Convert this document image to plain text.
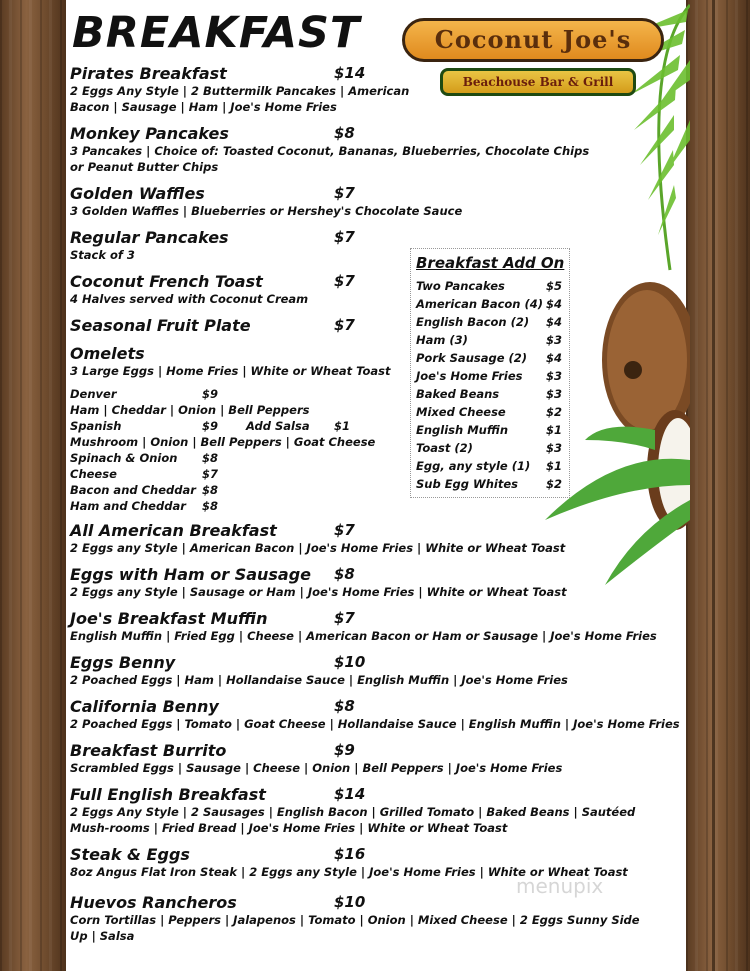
BREAKFAST	Coconut Joe's
Beachouse Bar & Grill
Pirates Breakfast	$14
2 Eggs Any Style | 2 Buttermilk Pancakes | American Bacon | Sausage | Ham | Joe's Home Fries
Monkey Pancakes	$8
3 Pancakes | Choice of: Toasted Coconut, Bananas, Blueberries, Chocolate Chips or Peanut Butter Chips
Golden Waffles	$7
3 Golden Waffles | Blueberries or Hershey's Chocolate Sauce
Regular Pancakes	$7
Stack of 3
Coconut French Toast	$7
4 Halves served with Coconut Cream
Seasonal Fruit Plate	$7
Omelets
3 Large Eggs | Home Fries | White or Wheat Toast
Denver	$9
Ham | Cheddar | Onion | Bell Peppers
Spanish	$9 Add Salsa $1
Mushroom | Onion | Bell Peppers | Goat Cheese
Spinach & Onion $8
Cheese	$7
Bacon and Cheddar $8
Ham and Cheddar $8
All American Breakfast	$7
2 Eggs any Style | American Bacon | Joe's Home Fries | White or Wheat Toast
Eggs with Ham or Sausage	$8
2 Eggs any Style | Sausage or Ham | Joe's Home Fries | White or Wheat Toast
Joe's Breakfast Muffin	$7
English Muffin | Fried Egg | Cheese | American Bacon or Ham or Sausage | Joe's Home Fries
Eggs Benny	$10
2 Poached Eggs | Ham | Hollandaise Sauce | English Muffin | Joe's Home Fries
California Benny	$8
2 Poached Eggs | Tomato | Goat Cheese | Hollandaise Sauce | English Muffin | Joe's Home Fries
Breakfast Burrito	$9
Scrambled Eggs | Sausage | Cheese | Onion | Bell Peppers | Joe's Home Fries
Full English Breakfast	$14
2 Eggs Any Style | 2 Sausages | English Bacon | Grilled Tomato | Baked Beans | Sautéed Mush-rooms | Fried Bread | Joe's Home Fries | White or Wheat Toast
Steak & Eggs	$16
8oz Angus Flat Iron Steak | 2 Eggs any Style | Joe's Home Fries | White or Wheat Toast
Huevos Rancheros	$10
Corn Tortillas | Peppers | Jalapenos | Tomato | Onion | Mixed Cheese | 2 Eggs Sunny Side Up | Salsa
Breakfast Add On
Two Pancakes	$5
American Bacon (4) $4
English Bacon (2) $4
Ham (3)	$3
Pork Sausage (2) $4
Joe's Home Fries $3
Baked Beans	$3
Mixed Cheese	$2
English Muffin	$1
Toast (2)	$3
Egg, any style (1) $1
Sub Egg Whites $2
menupix
